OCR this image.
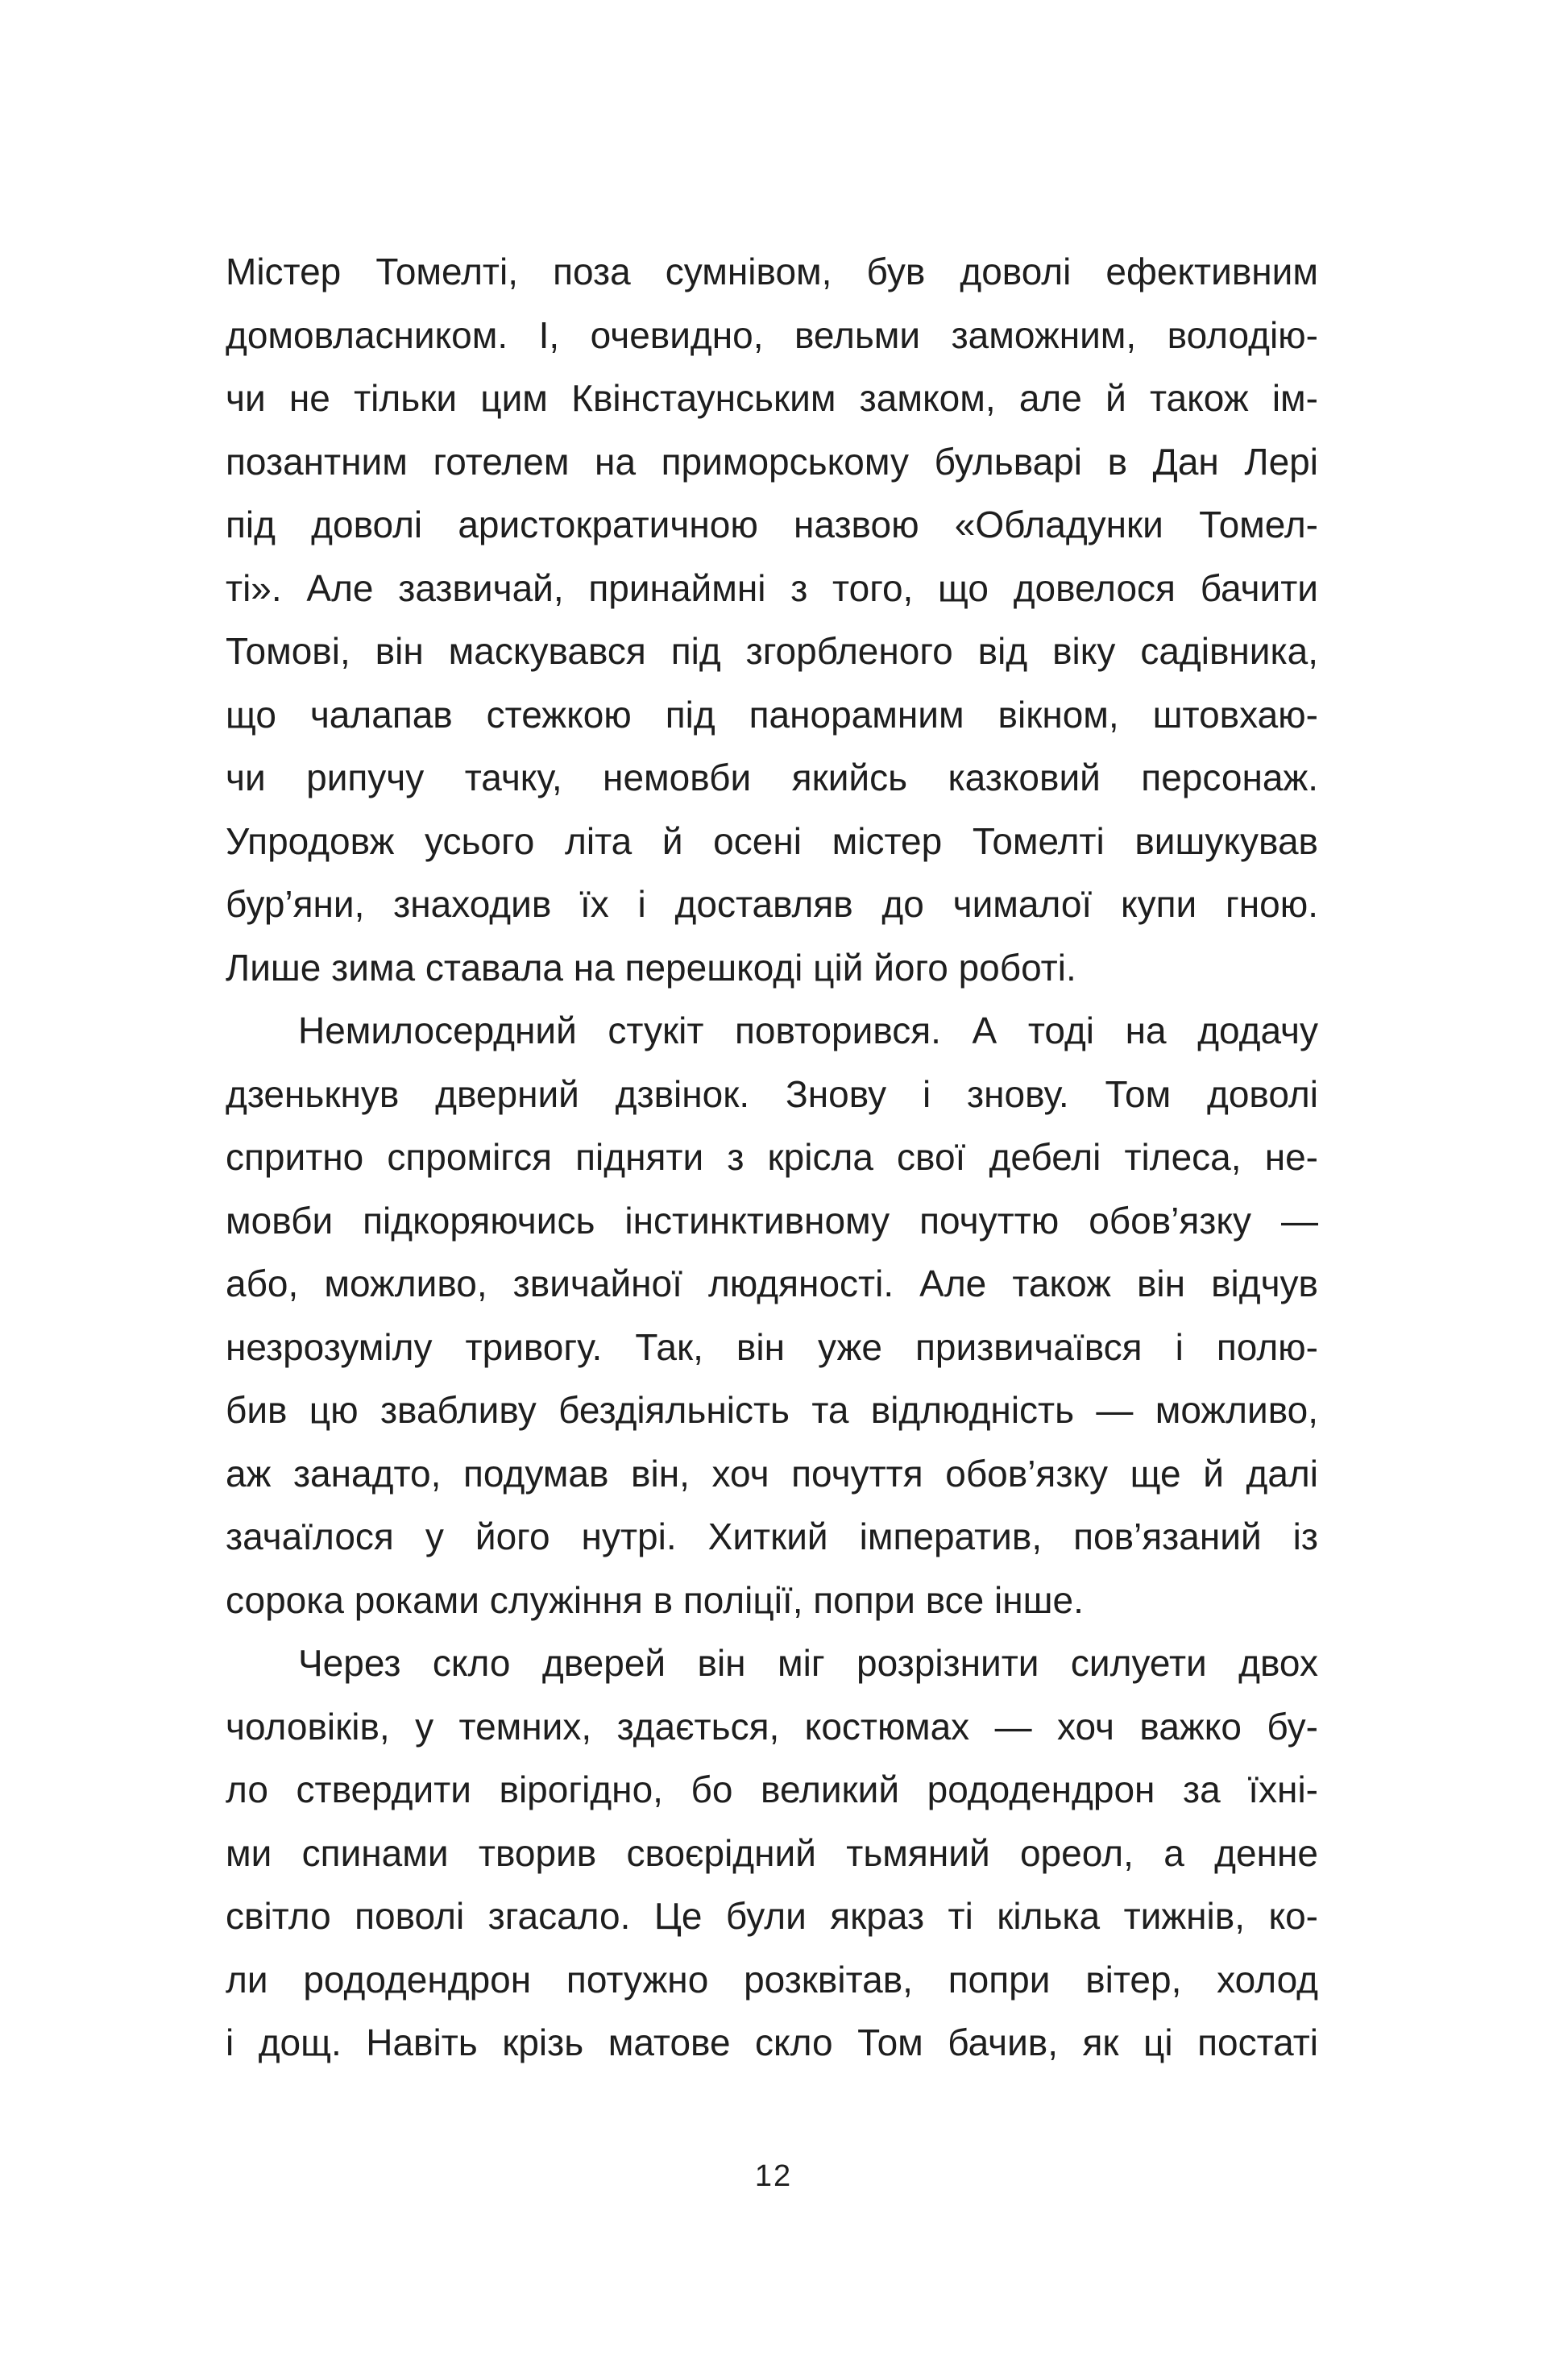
Містер Томелті, поза сумнівом, був доволі ефективним
домовласником. І, очевидно, вельми заможним, володію-
чи не тільки цим Квінстаунським замком, але й також ім-
позантним готелем на приморському бульварі в Дан Лері
під доволі аристократичною назвою «Обладунки Томел-
ті». Але зазвичай, принаймні з того, що довелося бачити
Томові, він маскувався під згорбленого від віку садівника,
що чалапав стежкою під панорамним вікном, штовхаю-
чи рипучу тачку, немовби якийсь казковий персонаж.
Упродовж усього літа й осені містер Томелті вишукував
бур’яни, знаходив їх і доставляв до чималої купи гною.
Лише зима ставала на перешкоді цій його роботі.
Немилосердний стукіт повторився. А тоді на додачу
дзенькнув дверний дзвінок. Знову і знову. Том доволі
спритно спромігся підняти з крісла свої дебелі тілеса, не-
мовби підкоряючись інстинктивному почуттю обов’язку —
або, можливо, звичайної людяності. Але також він відчув
незрозумілу тривогу. Так, він уже призвичаївся і полю-
бив цю звабливу бездіяльність та відлюдність — можливо,
аж занадто, подумав він, хоч почуття обов’язку ще й далі
зачаїлося у його нутрі. Хиткий імператив, пов’язаний із
сорока роками служіння в поліції, попри все інше.
Через скло дверей він міг розрізнити силуети двох
чоловіків, у темних, здається, костюмах — хоч важко бу-
ло ствердити вірогідно, бо великий рододендрон за їхні-
ми спинами творив своєрідний тьмяний ореол, а денне
світло поволі згасало. Це були якраз ті кілька тижнів, ко-
ли рододендрон потужно розквітав, попри вітер, холод
і дощ. Навіть крізь матове скло Том бачив, як ці постаті
12
